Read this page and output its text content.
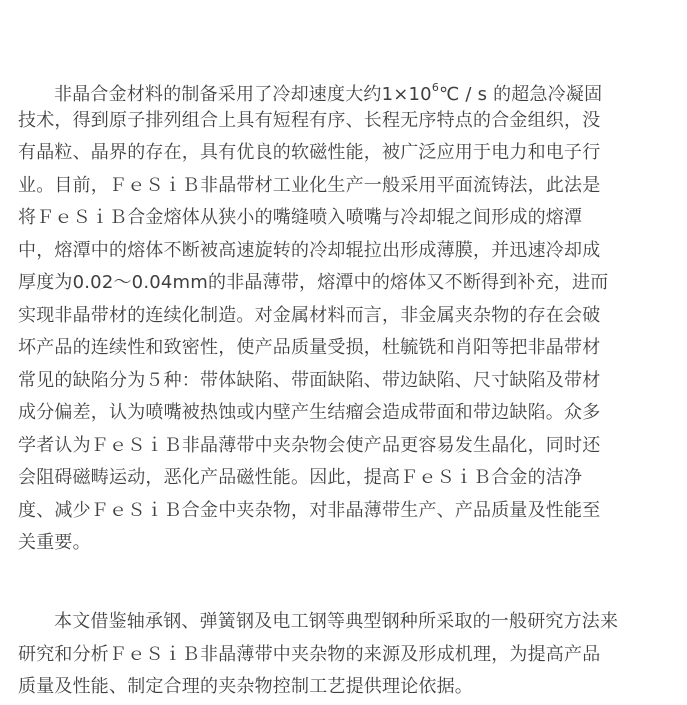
非晶合金材料的制备采用了冷却速度大约$1\times 10^6℃ / s$ 的超急冷凝固
技术，得到原子排列组合上具有短程有序、长程无序特点的合金组织，没
有晶粒、晶界的存在，具有优良的软磁性能，被广泛应用于电力和电子行
业。目前，ＦｅＳｉＢ非晶带材工业化生产一般采用平面流铸法，此法是
将ＦｅＳｉＢ合金熔体从狭小的嘴缝喷入喷嘴与冷却辊之间形成的熔潭
中，熔潭中的熔体不断被高速旋转的冷却辊拉出形成薄膜，并迅速冷却成
厚度为0.02～0.04mm的非晶薄带，熔潭中的熔体又不断得到补充，进而
实现非晶带材的连续化制造。对金属材料而言，非金属夹杂物的存在会破
坏产品的连续性和致密性，使产品质量受损，杜毓铣和肖阳等把非晶带材
常见的缺陷分为５种：带体缺陷、带面缺陷、带边缺陷、尺寸缺陷及带材
成分偏差，认为喷嘴被热蚀或内壁产生结瘤会造成带面和带边缺陷。众多
学者认为ＦｅＳｉＢ非晶薄带中夹杂物会使产品更容易发生晶化，同时还
会阻碍磁畴运动，恶化产品磁性能。因此，提高ＦｅＳｉＢ合金的洁净
度、减少ＦｅＳｉＢ合金中夹杂物，对非晶薄带生产、产品质量及性能至
关重要。
本文借鉴轴承钢、弹簧钢及电工钢等典型钢种所采取的一般研究方法来
研究和分析ＦｅＳｉＢ非晶薄带中夹杂物的来源及形成机理，为提高产品
质量及性能、制定合理的夹杂物控制工艺提供理论依据。
